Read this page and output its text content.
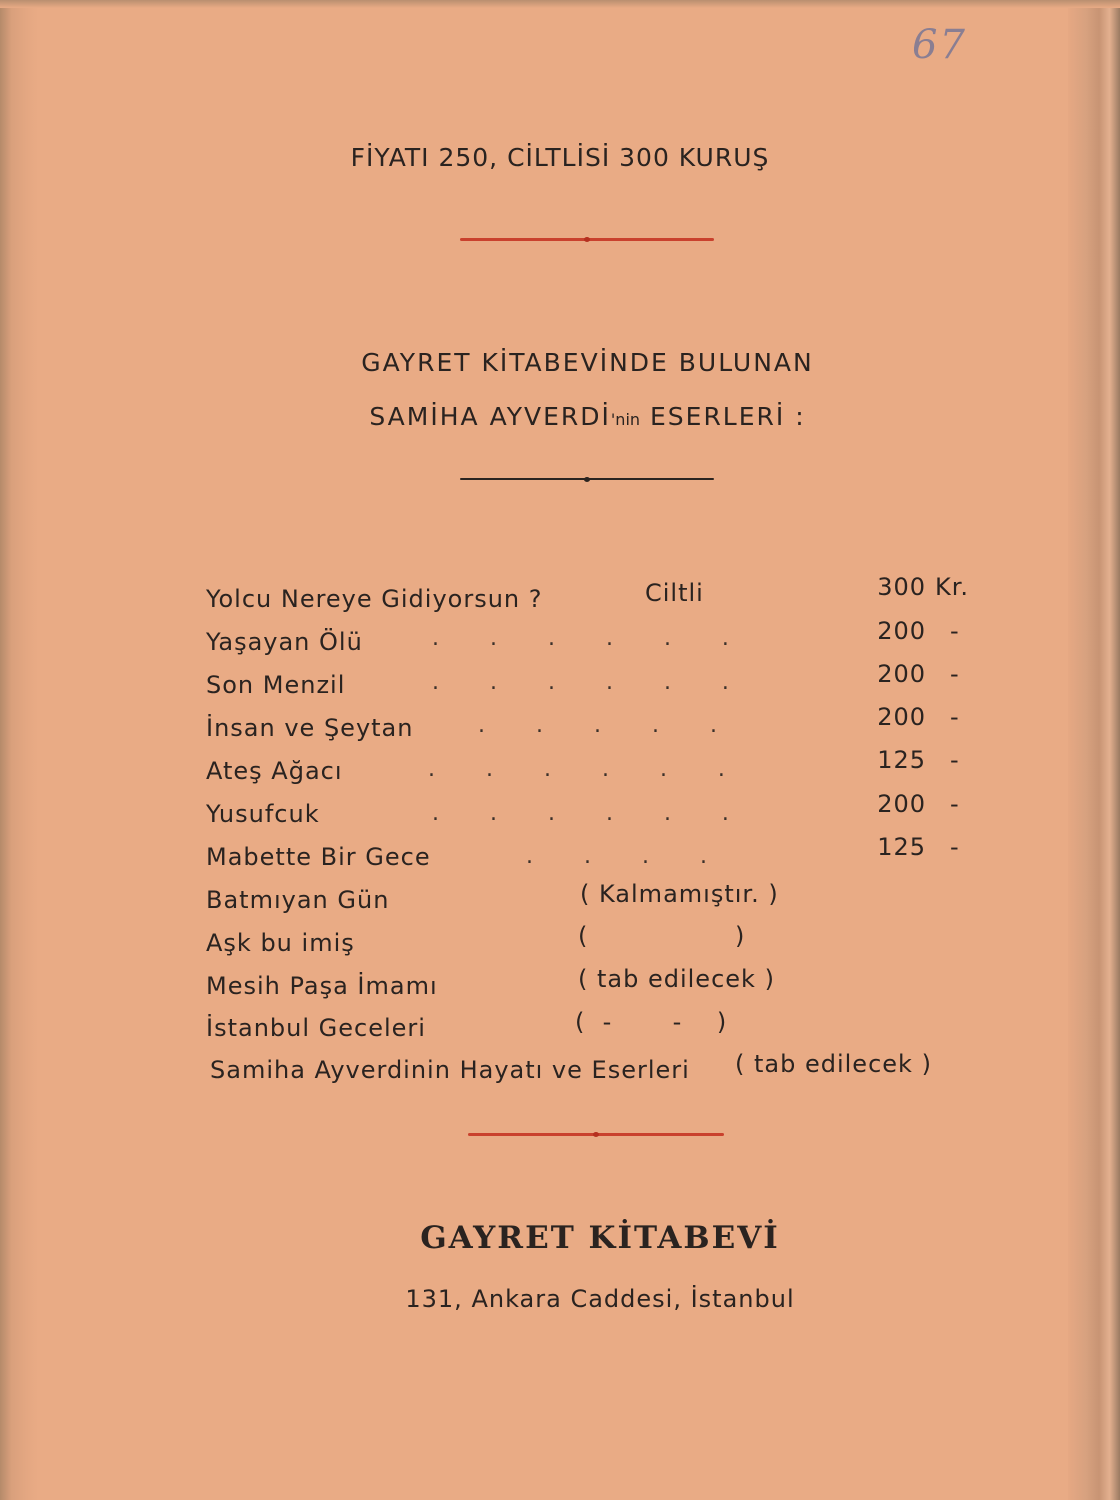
67
FİYATI 250, CİLTLİSİ 300 KURUŞ
GAYRET KİTABEVİNDE BULUNAN
SAMİHA AYVERDİ'nin ESERLERİ :
Yolcu Nereye Gidiyorsun ?	Ciltli	300 Kr.
Yaşayan Ölü	. . . . . .	200 -
Son Menzil	. . . . . .	200 -
İnsan ve Şeytan	. . . . .	200 -
Ateş Ağacı	. . . . . .	125 -
Yusufcuk	. . . . . .	200 -
Mabette Bir Gece	. . . .	125 -
Batmıyan Gün	( Kalmamıştır. )
Aşk bu imiş	(                 )
Mesih Paşa İmamı	( tab edilecek )
İstanbul Geceleri	(  -       -    )
Samiha Ayverdinin Hayatı ve Eserleri ( tab edilecek )
GAYRET KİTABEVİ
131, Ankara Caddesi, İstanbul
